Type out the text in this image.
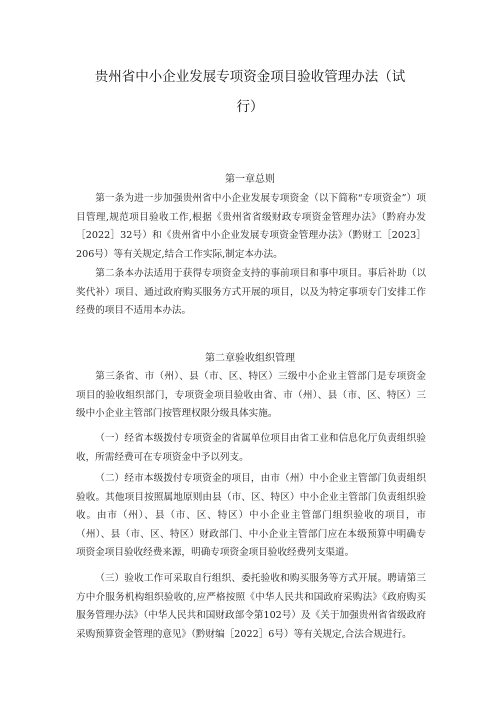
贵州省中小企业发展专项资金项目验收管理办法（试
行）
第一章总则
第一条为进一步加强贵州省中小企业发展专项资金（以下简称“专项资金”）项目管理,规范项目验收工作,根据《贵州省省级财政专项资金管理办法》（黔府办发［2022］32号）和《贵州省中小企业发展专项资金管理办法》（黔财工［2023］206号）等有关规定,结合工作实际,制定本办法。
第二条本办法适用于获得专项资金支持的事前项目和事中项目。事后补助（以奖代补）项目、通过政府购买服务方式开展的项目，以及为特定事项专门安排工作经费的项目不适用本办法。
第二章验收组织管理
第三条省、市（州）、县（市、区、特区）三级中小企业主管部门是专项资金项目的验收组织部门，专项资金项目验收由省、市（州）、县（市、区、特区）三级中小企业主管部门按管理权限分级具体实施。
（一）经省本级拨付专项资金的省属单位项目由省工业和信息化厅负责组织验收，所需经费可在专项资金中予以列支。
（二）经市本级拨付专项资金的项目，由市（州）中小企业主管部门负责组织验收。其他项目按照属地原则由县（市、区、特区）中小企业主管部门负责组织验收。由市（州）、县（市、区、特区）中小企业主管部门组织验收的项目，市（州）、县（市、区、特区）财政部门、中小企业主管部门应在本级预算中明确专项资金项目验收经费来源，明确专项资金项目验收经费列支渠道。
（三）验收工作可采取自行组织、委托验收和购买服务等方式开展。聘请第三方中介服务机构组织验收的,应严格按照《中华人民共和国政府采购法》《政府购买服务管理办法》（中华人民共和国财政部令第102号）及《关于加强贵州省省级政府采购预算资金管理的意见》（黔财编［2022］6号）等有关规定,合法合规进行。
